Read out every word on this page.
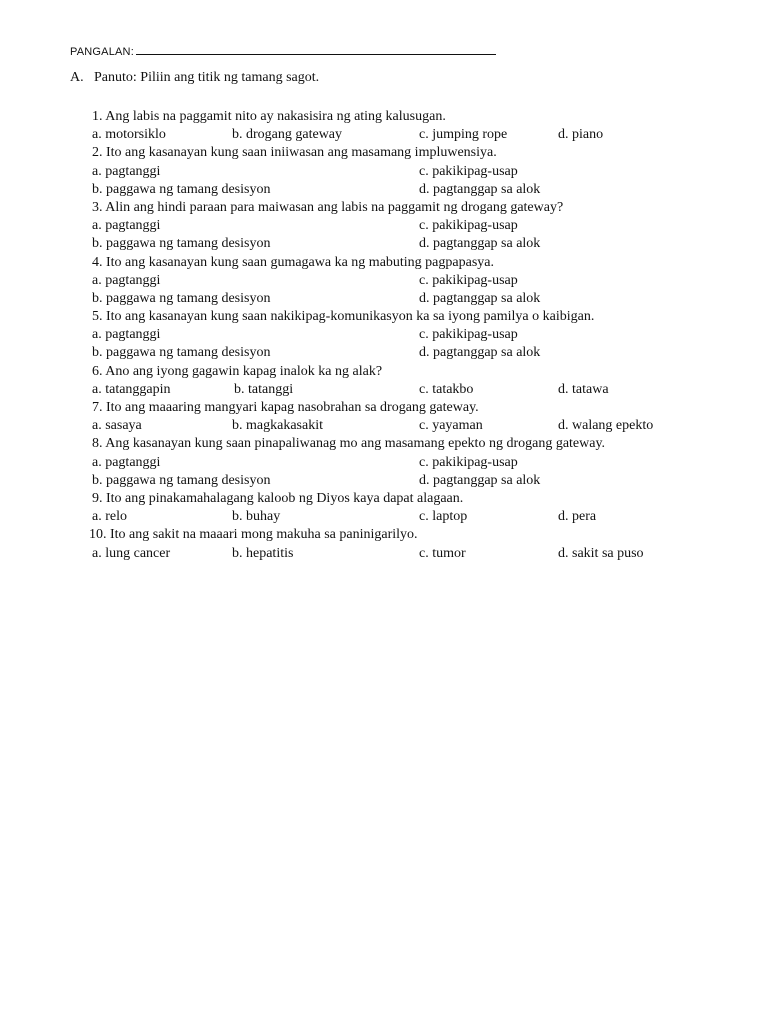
PANGALAN:
A. Panuto: Piliin ang titik ng tamang sagot.
1. Ang labis na paggamit nito ay nakasisira ng ating kalusugan.
a. motorsiklo	b. drogang gateway	c. jumping rope	d. piano
2. Ito ang kasanayan kung saan iniiwasan ang masamang impluwensiya.
a. pagtanggi	c. pakikipag-usap
b. paggawa ng tamang desisyon	d. pagtanggap sa alok
3. Alin ang hindi paraan para maiwasan ang labis na paggamit ng drogang gateway?
a. pagtanggi	c. pakikipag-usap
b. paggawa ng tamang desisyon	d. pagtanggap sa alok
4. Ito ang kasanayan kung saan gumagawa ka ng mabuting pagpapasya.
a. pagtanggi	c. pakikipag-usap
b. paggawa ng tamang desisyon	d. pagtanggap sa alok
5. Ito ang kasanayan kung saan nakikipag-komunikasyon ka sa iyong pamilya o kaibigan.
a. pagtanggi	c. pakikipag-usap
b. paggawa ng tamang desisyon	d. pagtanggap sa alok
6. Ano ang iyong gagawin kapag inalok ka ng alak?
a. tatanggapin	b. tatanggi	c. tatakbo	d. tatawa
7. Ito ang maaaring mangyari kapag nasobrahan sa drogang gateway.
a. sasaya	b. magkakasakit	c. yayaman	d. walang epekto
8. Ang kasanayan kung saan pinapaliwanag mo ang masamang epekto ng drogang gateway.
a. pagtanggi	c. pakikipag-usap
b. paggawa ng tamang desisyon	d. pagtanggap sa alok
9. Ito ang pinakamahalagang kaloob ng Diyos kaya dapat alagaan.
a. relo	b. buhay	c. laptop	d. pera
10. Ito ang sakit na maaari mong makuha sa paninigarilyo.
a. lung cancer	b. hepatitis	c. tumor	d. sakit sa puso
